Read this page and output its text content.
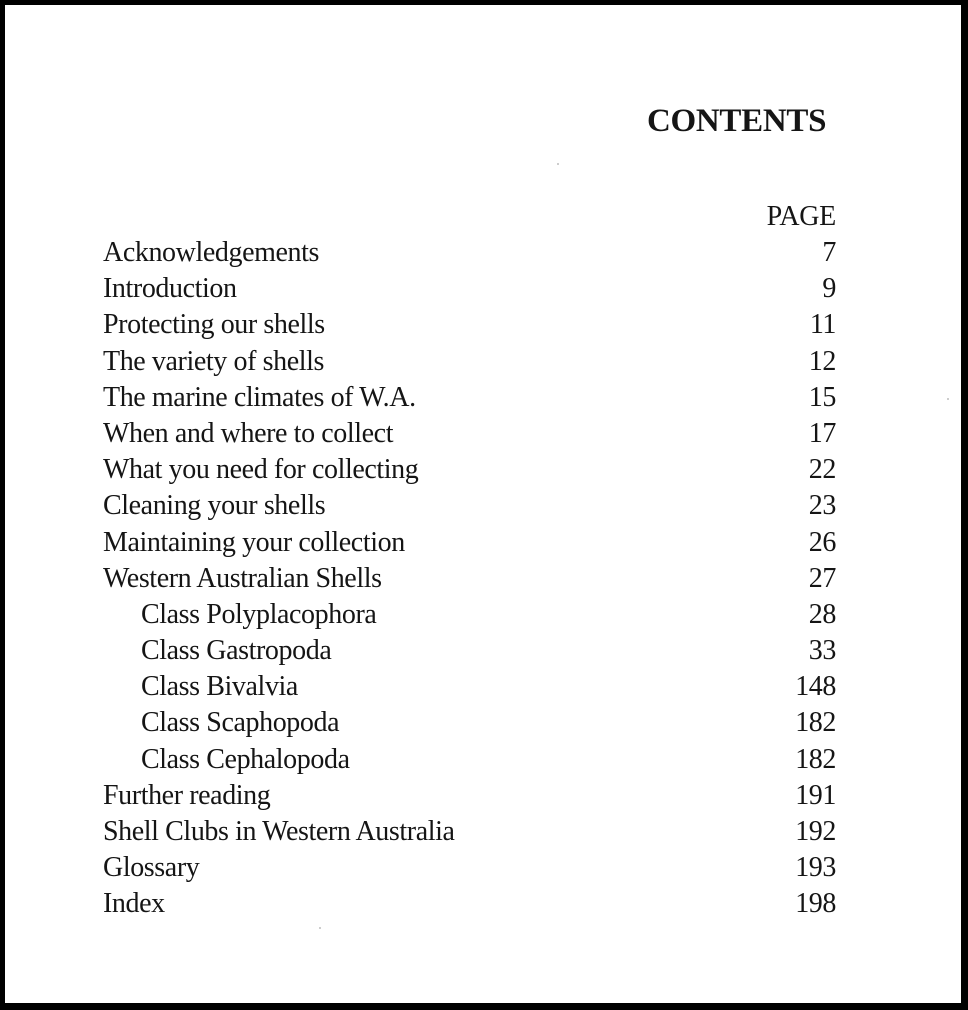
CONTENTS
PAGE
Acknowledgements	7
Introduction	9
Protecting our shells	11
The variety of shells	12
The marine climates of W.A.	15
When and where to collect	17
What you need for collecting	22
Cleaning your shells	23
Maintaining your collection	26
Western Australian Shells	27
Class Polyplacophora	28
Class Gastropoda	33
Class Bivalvia	148
Class Scaphopoda	182
Class Cephalopoda	182
Further reading	191
Shell Clubs in Western Australia	192
Glossary	193
Index	198
